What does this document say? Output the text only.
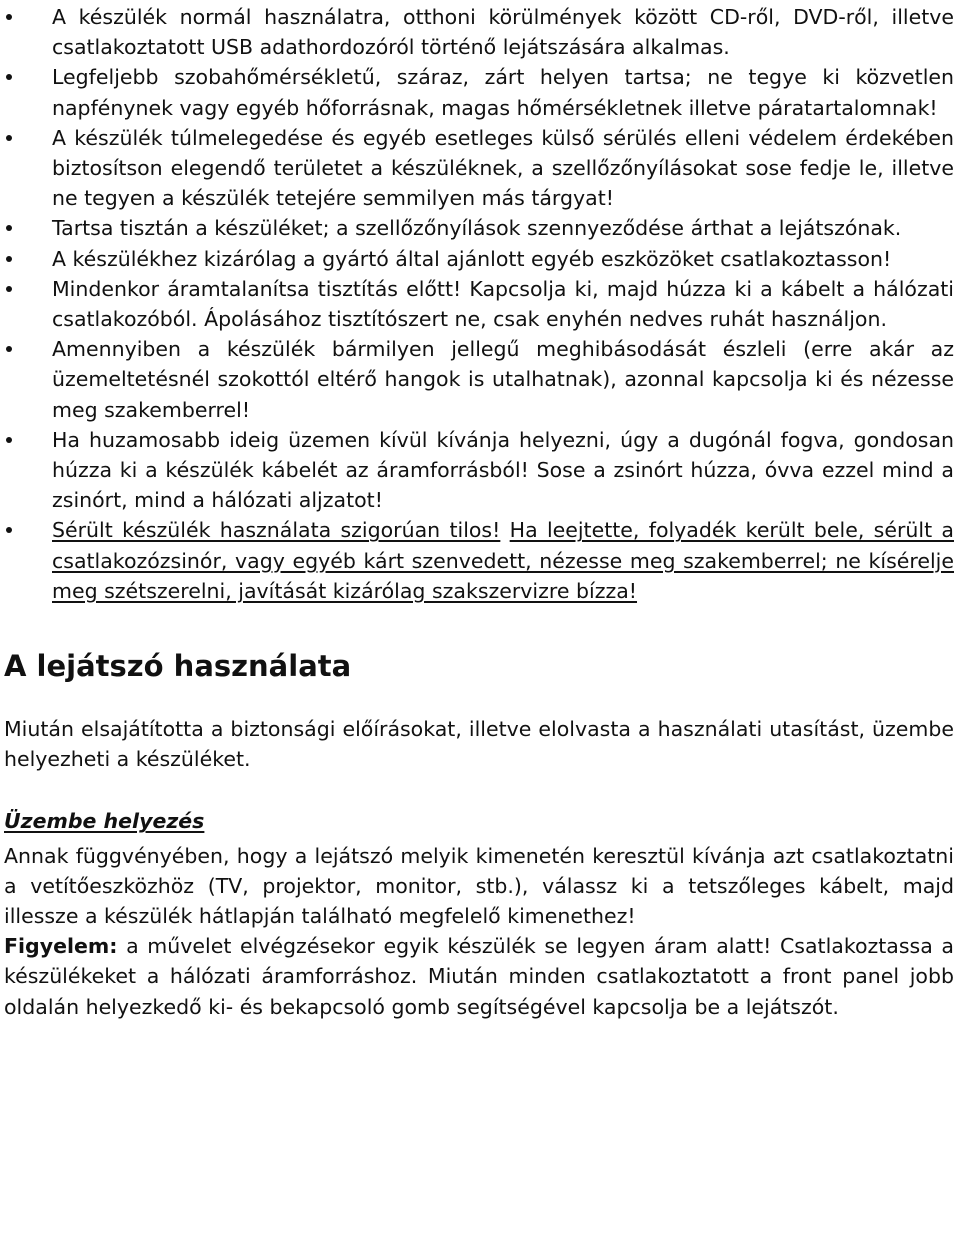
A készülék normál használatra, otthoni körülmények között CD-ről, DVD-ről, illetve csatlakoztatott USB adathordozóról történő lejátszására alkalmas.
Legfeljebb szobahőmérsékletű, száraz, zárt helyen tartsa; ne tegye ki közvetlen napfénynek vagy egyéb hőforrásnak, magas hőmérsékletnek illetve páratartalomnak!
A készülék túlmelegedése és egyéb esetleges külső sérülés elleni védelem érdekében biztosítson elegendő területet a készüléknek, a szellőzőnyílásokat sose fedje le, illetve ne tegyen a készülék tetejére semmilyen más tárgyat!
Tartsa tisztán a készüléket; a szellőzőnyílások szennyeződése árthat a lejátszónak.
A készülékhez kizárólag a gyártó által ajánlott egyéb eszközöket csatlakoztasson!
Mindenkor áramtalanítsa tisztítás előtt! Kapcsolja ki, majd húzza ki a kábelt a hálózati csatlakozóból. Ápolásához tisztítószert ne, csak enyhén nedves ruhát használjon.
Amennyiben a készülék bármilyen jellegű meghibásodását észleli (erre akár az üzemeltetésnél szokottól eltérő hangok is utalhatnak), azonnal kapcsolja ki és nézesse meg szakemberrel!
Ha huzamosabb ideig üzemen kívül kívánja helyezni, úgy a dugónál fogva, gondosan húzza ki a készülék kábelét az áramforrásból! Sose a zsinórt húzza, óvva ezzel mind a zsinórt, mind a hálózati aljzatot!
Sérült készülék használata szigorúan tilos! Ha leejtette, folyadék került bele, sérült a csatlakozózsinór, vagy egyéb kárt szenvedett, nézesse meg szakemberrel; ne kísérelje meg szétszerelni, javítását kizárólag szakszervizre bízza!
A lejátszó használata

Miután elsajátította a biztonsági előírásokat, illetve elolvasta a használati utasítást, üzembe helyezheti a készüléket.

Üzembe helyezés

Annak függvényében, hogy a lejátszó melyik kimenetén keresztül kívánja azt csatlakoztatni a vetítőeszközhöz (TV, projektor, monitor, stb.), válassz ki a tetszőleges kábelt, majd illessze a készülék hátlapján található megfelelő kimenethez!

Figyelem: a művelet elvégzésekor egyik készülék se legyen áram alatt! Csatlakoztassa a készülékeket a hálózati áramforráshoz. Miután minden csatlakoztatott a front panel jobb oldalán helyezkedő ki- és bekapcsoló gomb segítségével kapcsolja be a lejátszót.
